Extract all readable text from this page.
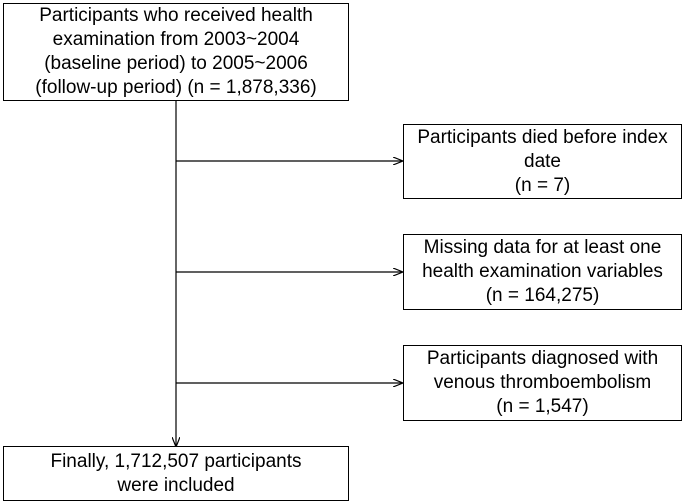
Participants who received health
examination from 2003~2004
(baseline period) to 2005~2006
(follow-up period) (n = 1,878,336)
Participants died before index
date
(n = 7)
Missing data for at least one
health examination variables
(n = 164,275)
Participants diagnosed with
venous thromboembolism
(n = 1,547)
Finally, 1,712,507 participants
were included
